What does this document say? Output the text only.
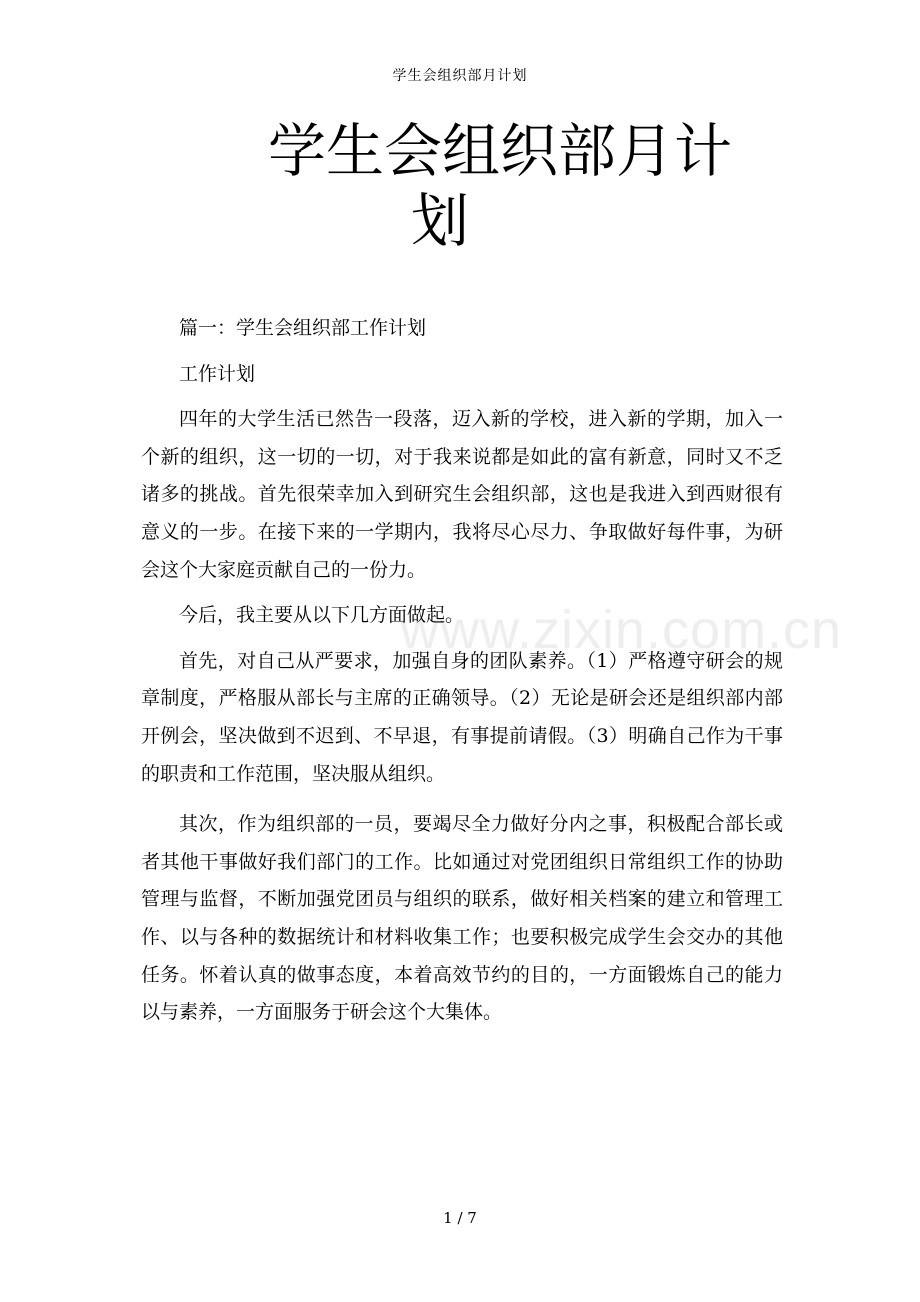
学生会组织部月计划
学生会组织部月计
划
www.zixin.com.cn

篇一：学生会组织部工作计划

工作计划

四年的大学生活已然告一段落，迈入新的学校，进入新的学期，加入一个新的组织，这一切的一切，对于我来说都是如此的富有新意，同时又不乏诸多的挑战。首先很荣幸加入到研究生会组织部，这也是我进入到西财很有意义的一步。在接下来的一学期内，我将尽心尽力、争取做好每件事，为研会这个大家庭贡献自己的一份力。

今后，我主要从以下几方面做起。

首先，对自己从严要求，加强自身的团队素养。（1）严格遵守研会的规章制度，严格服从部长与主席的正确领导。（2）无论是研会还是组织部内部开例会，坚决做到不迟到、不早退，有事提前请假。（3）明确自己作为干事的职责和工作范围，坚决服从组织。

其次，作为组织部的一员，要竭尽全力做好分内之事，积极配合部长或者其他干事做好我们部门的工作。比如通过对党团组织日常组织工作的协助管理与监督，不断加强党团员与组织的联系，做好相关档案的建立和管理工作、以与各种的数据统计和材料收集工作；也要积极完成学生会交办的其他任务。怀着认真的做事态度，本着高效节约的目的，一方面锻炼自己的能力以与素养，一方面服务于研会这个大集体。

1 / 7
